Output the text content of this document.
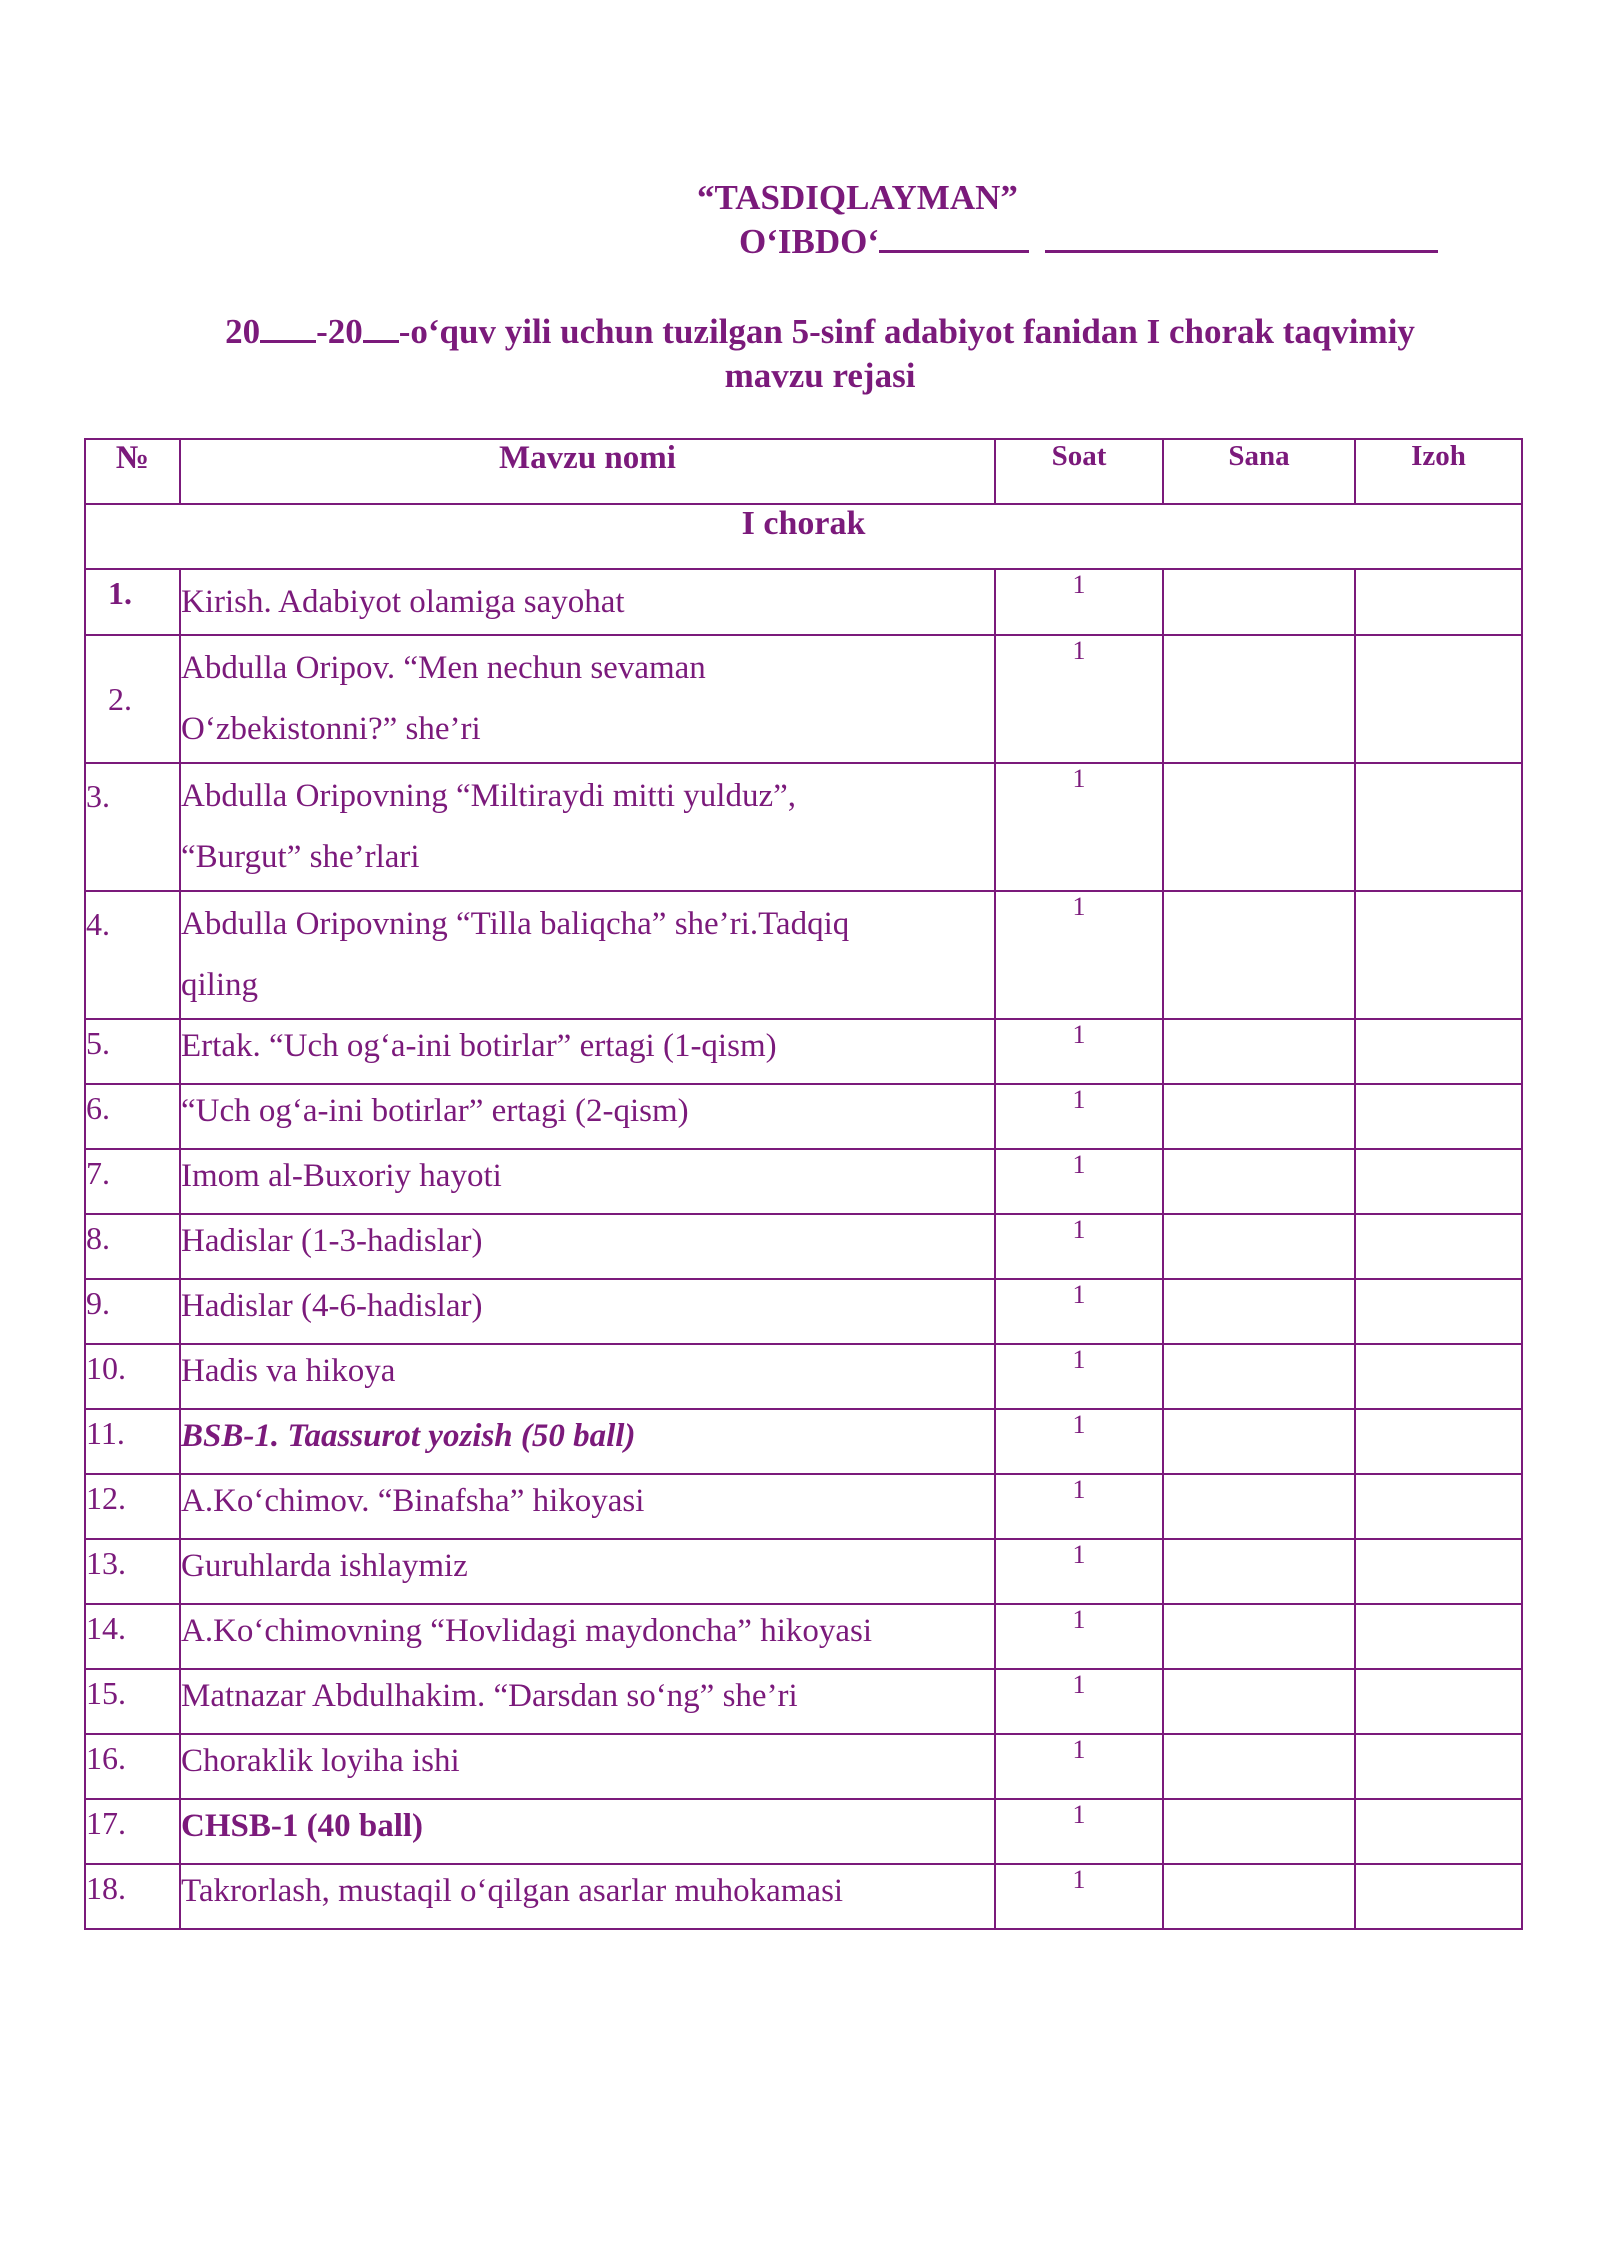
“TASDIQLAYMAN”
O‘IBDO‘
20 -20 -o‘quv yili uchun tuzilgan 5-sinf adabiyot fanidan I chorak taqvimiy
mavzu rejasi
№	Mavzu nomi	Soat	Sana	Izoh
I chorak				
1.	Kirish. Adabiyot olamiga sayohat	1		
2.	Abdulla Oripov. “Men nechun sevaman
O‘zbekistonni?” she’ri	1		
3.	Abdulla Oripovning “Miltiraydi mitti yulduz”,
“Burgut” she’rlari	1		
4.	Abdulla Oripovning “Tilla baliqcha” she’ri.Tadqiq
qiling	1		
5.	Ertak. “Uch og‘a-ini botirlar” ertagi (1-qism)	1		
6.	“Uch og‘a-ini botirlar” ertagi (2-qism)	1		
7.	Imom al-Buxoriy hayoti	1		
8.	Hadislar (1-3-hadislar)	1		
9.	Hadislar (4-6-hadislar)	1		
10.	Hadis va hikoya	1		
11.	BSB-1. Taassurot yozish (50 ball)	1		
12.	A.Ko‘chimov. “Binafsha” hikoyasi	1		
13.	Guruhlarda ishlaymiz	1		
14.	A.Ko‘chimovning “Hovlidagi maydoncha” hikoyasi	1		
15.	Matnazar Abdulhakim. “Darsdan so‘ng” she’ri	1		
16.	Choraklik loyiha ishi	1		
17.	CHSB-1 (40 ball)	1		
18.	Takrorlash, mustaqil o‘qilgan asarlar muhokamasi	1		
